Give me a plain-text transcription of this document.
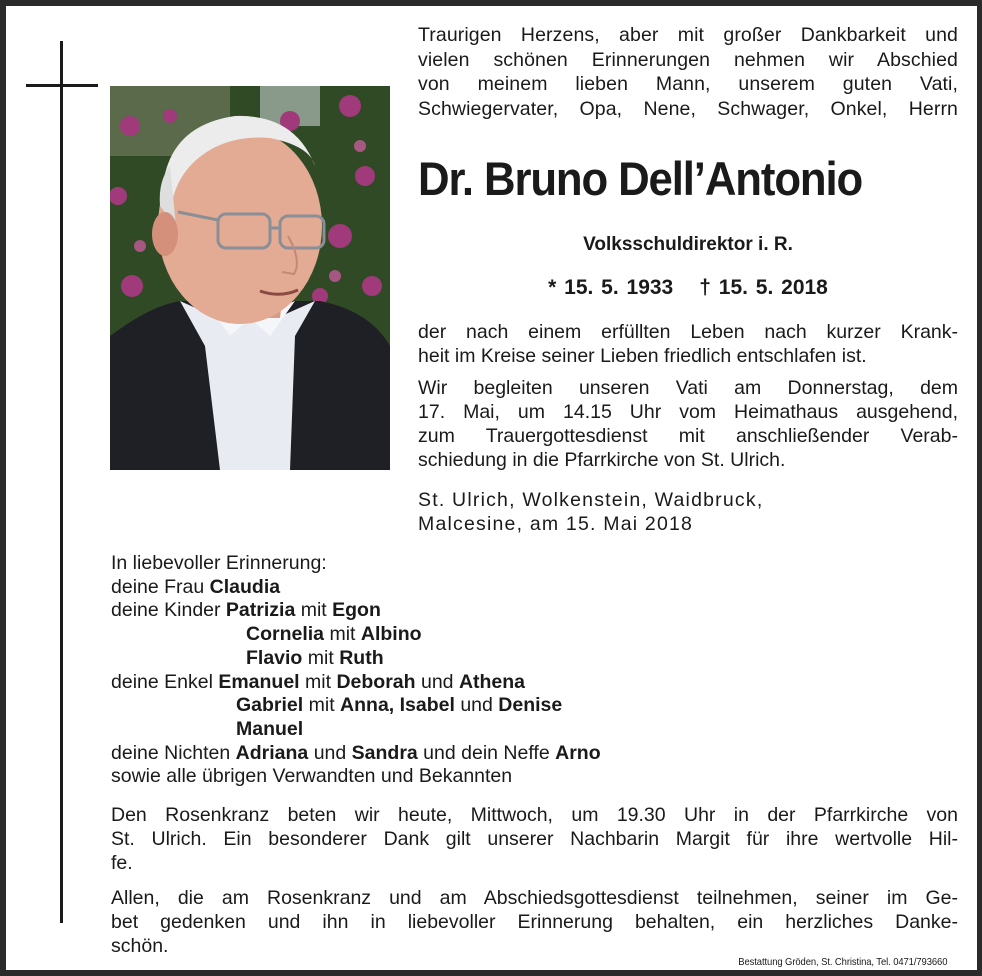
Traurigen Herzens, aber mit großer Dankbarkeit und
vielen schönen Erinnerungen nehmen wir Abschied
von meinem lieben Mann, unserem guten Vati,
Schwiegervater, Opa, Nene, Schwager, Onkel, Herrn
Dr. Bruno Dell’Antonio
Volksschuldirektor i. R.
* 15. 5. 1933 † 15. 5. 2018
der nach einem erfüllten Leben nach kurzer Krank-
heit im Kreise seiner Lieben friedlich entschlafen ist.
Wir begleiten unseren Vati am Donnerstag, dem
17. Mai, um 14.15 Uhr vom Heimathaus ausgehend,
zum Trauergottesdienst mit anschließender Verab-
schiedung in die Pfarrkirche von St. Ulrich.
St. Ulrich, Wolkenstein, Waidbruck,
Malcesine, am 15. Mai 2018
In liebevoller Erinnerung:
deine Frau Claudia
deine Kinder Patrizia mit Egon
Cornelia mit Albino
Flavio mit Ruth
deine Enkel Emanuel mit Deborah und Athena
Gabriel mit Anna, Isabel und Denise
Manuel
deine Nichten Adriana und Sandra und dein Neffe Arno
sowie alle übrigen Verwandten und Bekannten
Den Rosenkranz beten wir heute, Mittwoch, um 19.30 Uhr in der Pfarrkirche von
St. Ulrich. Ein besonderer Dank gilt unserer Nachbarin Margit für ihre wertvolle Hil-
fe.
Allen, die am Rosenkranz und am Abschiedsgottesdienst teilnehmen, seiner im Ge-
bet gedenken und ihn in liebevoller Erinnerung behalten, ein herzliches Danke-
schön.
Bestattung Gröden, St. Christina, Tel. 0471/793660
